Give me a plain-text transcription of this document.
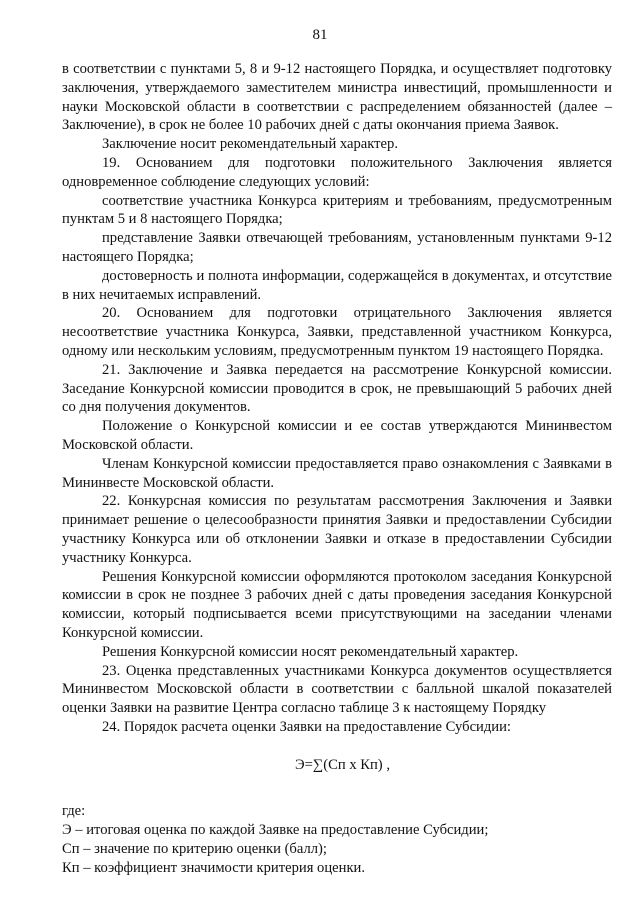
81

в соответствии с пунктами 5, 8 и 9-12 настоящего Порядка, и осуществляет подготовку заключения, утверждаемого заместителем министра инвестиций, промышленности и науки Московской области в соответствии с распределением обязанностей (далее – Заключение), в срок не более 10 рабочих дней с даты окончания приема Заявок.

Заключение носит рекомендательный характер.

19. Основанием для подготовки положительного Заключения является одновременное соблюдение следующих условий:

соответствие участника Конкурса критериям и требованиям, предусмотренным пунктам 5 и 8 настоящего Порядка;

представление Заявки отвечающей требованиям, установленным пунктами 9-12 настоящего Порядка;

достоверность и полнота информации, содержащейся в документах, и отсутствие в них нечитаемых исправлений.

20. Основанием для подготовки отрицательного Заключения является несоответствие участника Конкурса, Заявки, представленной участником Конкурса, одному или нескольким условиям, предусмотренным пунктом 19 настоящего Порядка.

21. Заключение и Заявка передается на рассмотрение Конкурсной комиссии. Заседание Конкурсной комиссии проводится в срок, не превышающий 5 рабочих дней со дня получения документов.

Положение о Конкурсной комиссии и ее состав утверждаются Мининвестом Московской области.

Членам Конкурсной комиссии предоставляется право ознакомления с Заявками в Мининвесте Московской области.

22. Конкурсная комиссия по результатам рассмотрения Заключения и Заявки принимает решение о целесообразности принятия Заявки и предоставлении Субсидии участнику Конкурса или об отклонении Заявки и отказе в предоставлении Субсидии участнику Конкурса.

Решения Конкурсной комиссии оформляются протоколом заседания Конкурсной комиссии в срок не позднее 3 рабочих дней с даты проведения заседания Конкурсной комиссии, который подписывается всеми присутствующими на заседании членами Конкурсной комиссии.

Решения Конкурсной комиссии носят рекомендательный характер.

23. Оценка представленных участниками Конкурса документов осуществляется Мининвестом Московской области в соответствии с балльной шкалой показателей оценки Заявки на развитие Центра согласно таблице 3 к настоящему Порядку

24. Порядок расчета оценки Заявки на предоставление Субсидии:

Э=∑(Сп х Кп) ,

где:

Э – итоговая оценка по каждой Заявке на предоставление Субсидии;

Сп – значение по критерию оценки (балл);

Кп – коэффициент значимости критерия оценки.
